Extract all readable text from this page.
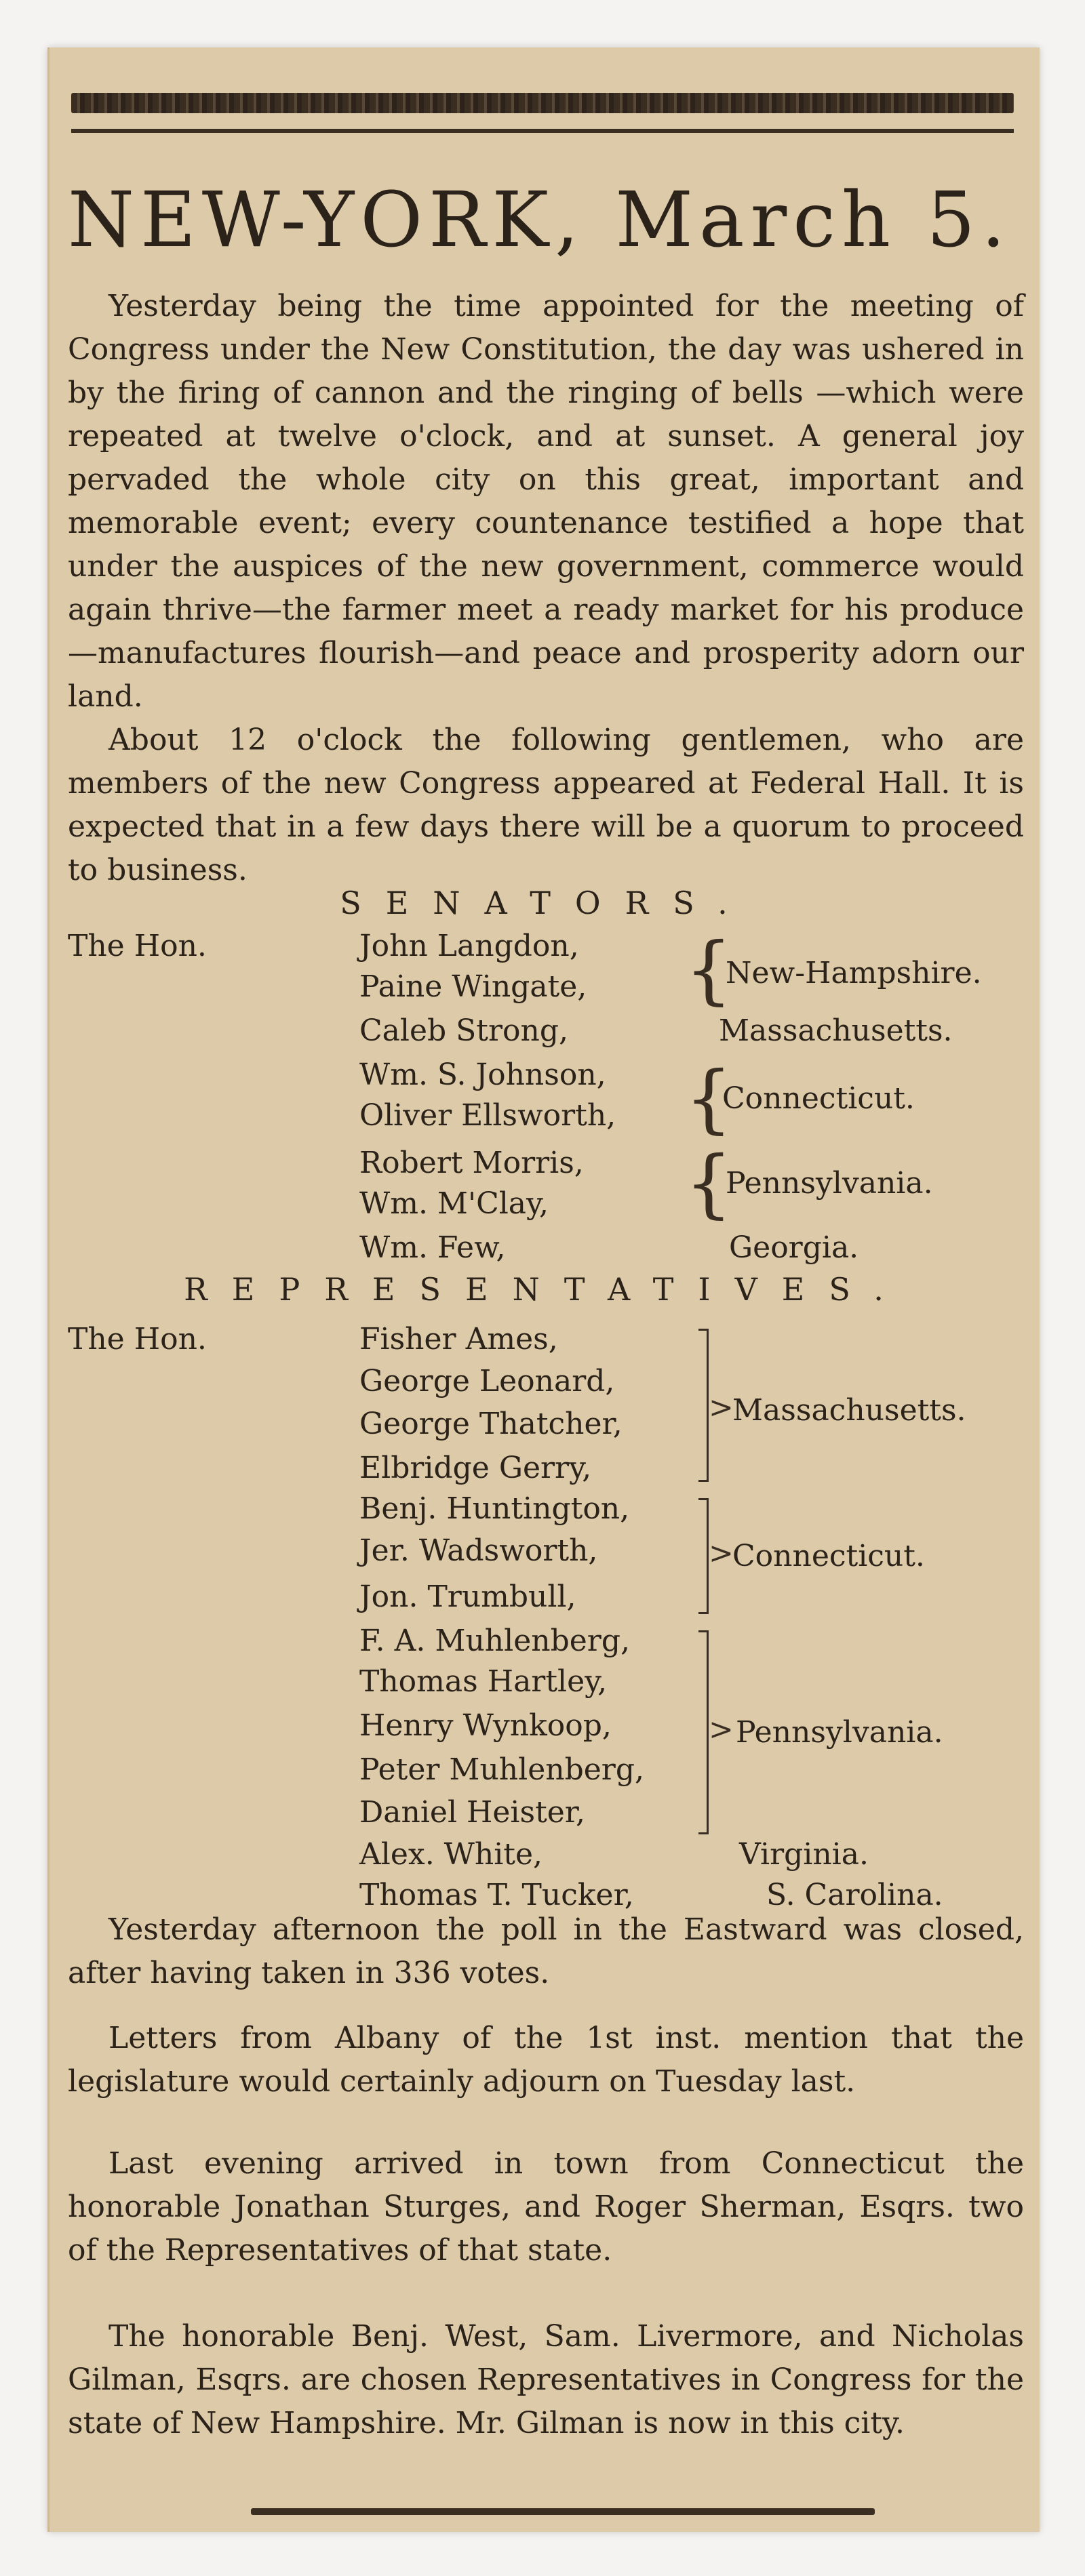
NEW-YORK, March 5.

Yesterday being the time appointed for the meeting of Congress under the New Constitution, the day was ushered in by the firing of cannon and the ringing of bells —which were repeated at twelve o'clock, and at sunset. A general joy pervaded the whole city on this great, important and memorable event; every countenance testified a hope that under the auspices of the new government, commerce would again thrive—the farmer meet a ready market for his produce—manufactures flourish—and peace and prosperity adorn our land.

About 12 o'clock the following gentlemen, who are members of the new Congress appeared at Federal Hall. It is expected that in a few days there will be a quorum to proceed to business.

SENATORS.
The Hon.	John Langdon,
Paine Wingate,
Caleb Strong,
Wm. S. Johnson,
Oliver Ellsworth,
Robert Morris,
Wm. M'Clay,
Wm. Few,
{
{
{
New-Hampshire.
Massachusetts.
Connecticut.
Pennsylvania.
Georgia.
REPRESENTATIVES.
The Hon.	Fisher Ames,
George Leonard,
George Thatcher,
Elbridge Gerry,
Benj. Huntington,
Jer. Wadsworth,
Jon. Trumbull,
F. A. Muhlenberg,
Thomas Hartley,
Henry Wynkoop,
Peter Muhlenberg,
Daniel Heister,
Alex. White,
Thomas T. Tucker,
>
>
>
Massachusetts.
Connecticut.
Pennsylvania.
Virginia.
S. Carolina.

Yesterday afternoon the poll in the Eastward was closed, after having taken in 336 votes.

Letters from Albany of the 1st inst. mention that the legislature would certainly adjourn on Tuesday last.

Last evening arrived in town from Connecticut the honorable Jonathan Sturges, and Roger Sherman, Esqrs. two of the Representatives of that state.

The honorable Benj. West, Sam. Livermore, and Nicholas Gilman, Esqrs. are chosen Representatives in Congress for the state of New Hampshire. Mr. Gilman is now in this city.
